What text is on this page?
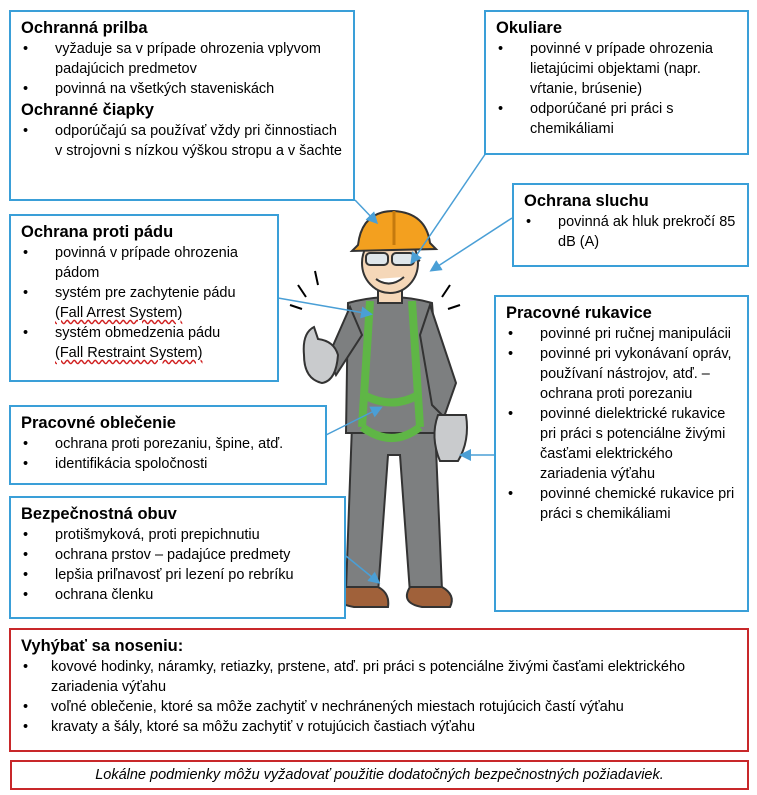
Ochranná prilba
• vyžaduje sa v prípade ohrozenia vplyvom padajúcich predmetov
• povinná na všetkých staveniskách
Ochranné čiapky
• odporúčajú sa používať vždy pri činnostiach v strojovni s nízkou výškou stropu a v šachte
Okuliare
• povinné v prípade ohrozenia lietajúcimi objektami (napr. vŕtanie, brúsenie)
• odporúčané pri práci s chemikáliami
Ochrana sluchu
• povinná ak hluk prekročí 85 dB (A)
Ochrana proti pádu
• povinná v prípade ohrozenia pádom
• systém pre zachytenie pádu
(Fall Arrest System)
• systém obmedzenia pádu
(Fall Restraint System)
Pracovné rukavice
• povinné pri ručnej manipulácii
• povinné pri vykonávaní opráv, používaní nástrojov, atď. – ochrana proti porezaniu
• povinné dielektrické rukavice pri práci s potenciálne živými časťami elektrického zariadenia výťahu
• povinné chemické rukavice pri práci s chemikáliami
Pracovné oblečenie
• ochrana proti porezaniu, špine, atď.
• identifikácia spoločnosti
Bezpečnostná obuv
• protišmyková, proti prepichnutiu
• ochrana prstov – padajúce predmety
• lepšia priľnavosť pri lezení po rebríku
• ochrana členku
Vyhýbať sa noseniu:
• kovové hodinky, náramky, retiazky, prstene, atď. pri práci s potenciálne živými časťami elektrického zariadenia výťahu
• voľné oblečenie, ktoré sa môže zachytiť v nechránených miestach rotujúcich častí výťahu
• kravaty a šály, ktoré sa môžu zachytiť v rotujúcich častiach výťahu
Lokálne podmienky môžu vyžadovať použitie dodatočných bezpečnostných požiadaviek.
